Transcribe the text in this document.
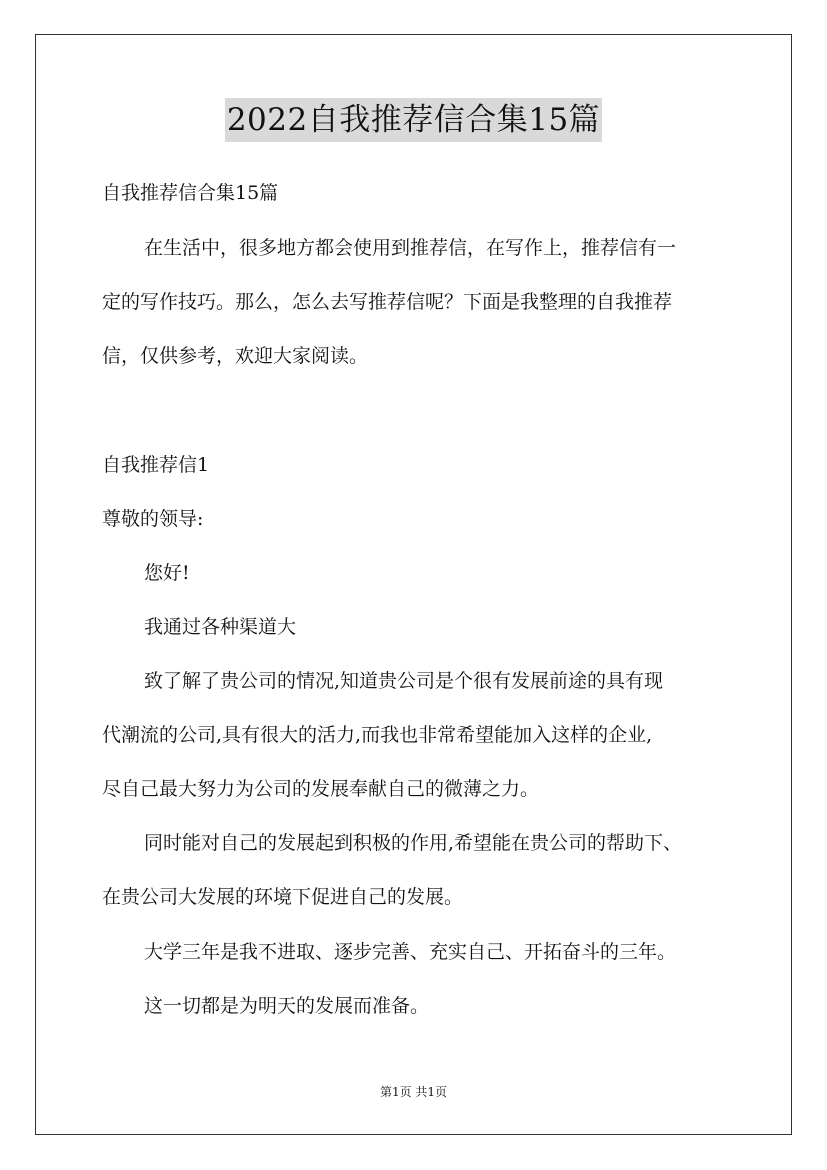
2022自我推荐信合集15篇
自我推荐信合集15篇
在生活中，很多地方都会使用到推荐信，在写作上，推荐信有一
定的写作技巧。那么，怎么去写推荐信呢？下面是我整理的自我推荐
信，仅供参考，欢迎大家阅读。
自我推荐信1
尊敬的领导:
您好!
我通过各种渠道大
致了解了贵公司的情况,知道贵公司是个很有发展前途的具有现
代潮流的公司,具有很大的活力,而我也非常希望能加入这样的企业,
尽自己最大努力为公司的发展奉献自己的微薄之力。
同时能对自己的发展起到积极的作用,希望能在贵公司的帮助下、
在贵公司大发展的环境下促进自己的发展。
大学三年是我不进取、逐步完善、充实自己、开拓奋斗的三年。
这一切都是为明天的发展而准备。
第1页 共1页
